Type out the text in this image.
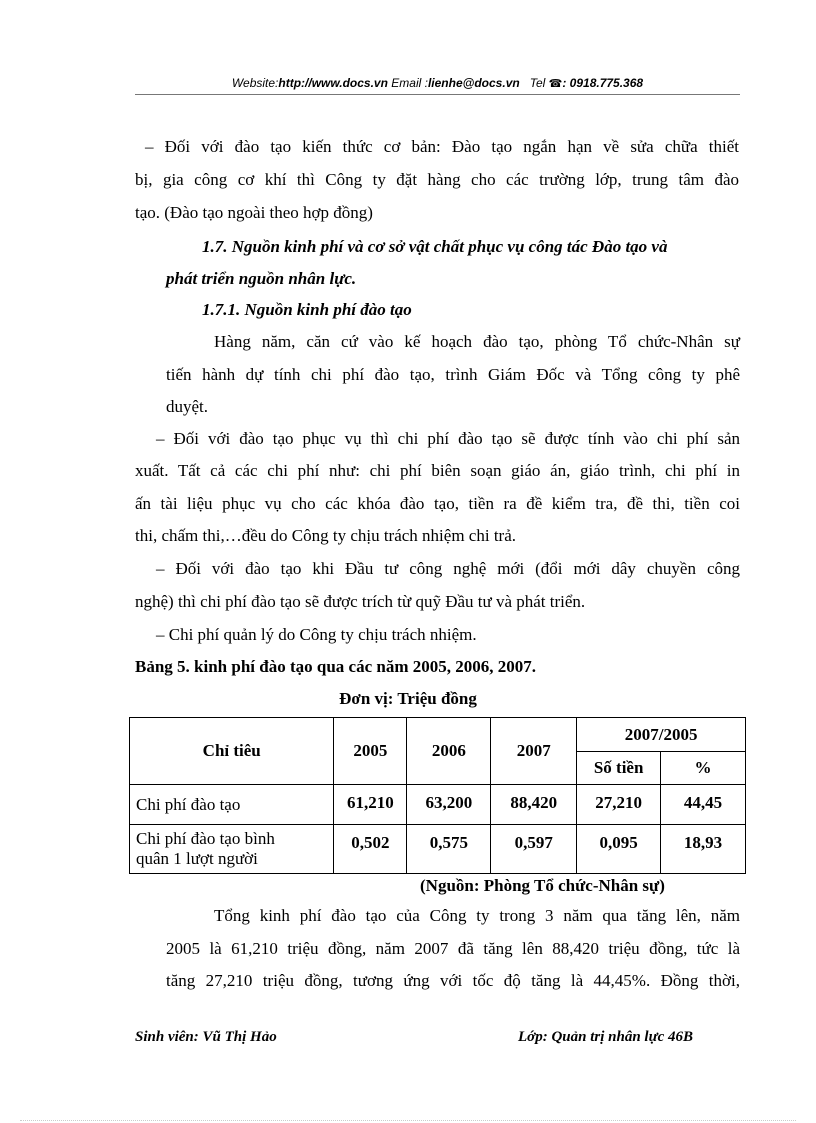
Website:http://www.docs.vn Email :lienhe@docs.vn Tel ☎: 0918.775.368
– Đối với đào tạo kiến thức cơ bản: Đào tạo ngắn hạn về sửa chữa thiết
bị, gia công cơ khí thì Công ty đặt hàng cho các trường lớp, trung tâm đào
tạo. (Đào tạo ngoài theo hợp đồng)
1.7. Nguồn kinh phí và cơ sở vật chất phục vụ công tác Đào tạo và
phát triển nguồn nhân lực.
1.7.1. Nguồn kinh phí đào tạo
Hàng năm, căn cứ vào kế hoạch đào tạo, phòng Tổ chức-Nhân sự
tiến hành dự tính chi phí đào tạo, trình Giám Đốc và Tổng công ty phê
duyệt.
– Đối với đào tạo phục vụ thì chi phí đào tạo sẽ được tính vào chi phí sản
xuất. Tất cả các chi phí như: chi phí biên soạn giáo án, giáo trình, chi phí in
ấn tài liệu phục vụ cho các khóa đào tạo, tiền ra đề kiểm tra, đề thi, tiền coi
thi, chấm thi,…đều do Công ty chịu trách nhiệm chi trả.
– Đối với đào tạo khi Đầu tư công nghệ mới (đổi mới dây chuyền công
nghệ) thì chi phí đào tạo sẽ được trích từ quỹ Đầu tư và phát triển.
– Chi phí quản lý do Công ty chịu trách nhiệm.
Bảng 5. kinh phí đào tạo qua các năm 2005, 2006, 2007.
Đơn vị: Triệu đồng
Chỉ tiêu	2005	2006	2007	2007/2005	
				Số tiền	%
Chi phí đào tạo	61,210	63,200	88,420	27,210	44,45

Chi phí đào tạo bình
quân 1 lượt người	0,502	0,575	0,597	0,095	18,93
(Nguồn: Phòng Tổ chức-Nhân sự)
Tổng kinh phí đào tạo của Công ty trong 3 năm qua tăng lên, năm
2005 là 61,210 triệu đồng, năm 2007 đã tăng lên 88,420 triệu đồng, tức là
tăng 27,210 triệu đồng, tương ứng với tốc độ tăng là 44,45%. Đồng thời,
Sinh viên: Vũ Thị Hảo	Lớp: Quản trị nhân lực 46B
